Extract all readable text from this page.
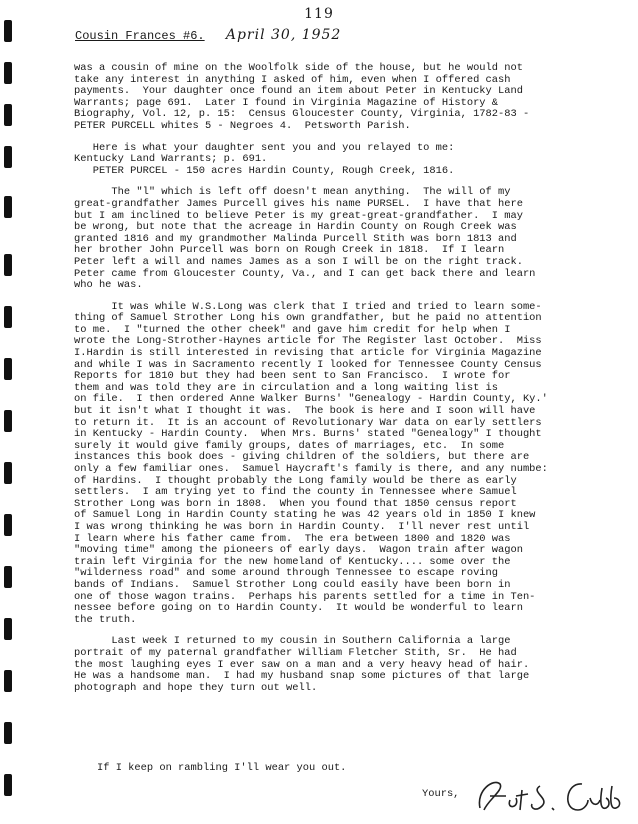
119
Cousin Frances #6. April 30, 1952
was a cousin of mine on the Woolfolk side of the house, but he would not
take any interest in anything I asked of him, even when I offered cash
payments.  Your daughter once found an item about Peter in Kentucky Land
Warrants; page 691.  Later I found in Virginia Magazine of History &
Biography, Vol. 12, p. 15:  Census Gloucester County, Virginia, 1782-83 -
PETER PURCELL whites 5 - Negroes 4.  Petsworth Parish.
Here is what your daughter sent you and you relayed to me:
Kentucky Land Warrants; p. 691.
PETER PURCEL - 150 acres Hardin County, Rough Creek, 1816.
The "l" which is left off doesn't mean anything.  The will of my
great-grandfather James Purcell gives his name PURSEL.  I have that here
but I am inclined to believe Peter is my great-great-grandfather.  I may
be wrong, but note that the acreage in Hardin County on Rough Creek was
granted 1816 and my grandmother Malinda Purcell Stith was born 1813 and
her brother John Purcell was born on Rough Creek in 1818.  If I learn
Peter left a will and names James as a son I will be on the right track.
Peter came from Gloucester County, Va., and I can get back there and learn
who he was.
It was while W.S.Long was clerk that I tried and tried to learn some-
thing of Samuel Strother Long his own grandfather, but he paid no attention
to me.  I "turned the other cheek" and gave him credit for help when I
wrote the Long-Strother-Haynes article for The Register last October.  Miss
I.Hardin is still interested in revising that article for Virginia Magazine
and while I was in Sacramento recently I looked for Tennessee County Census
Reports for 1810 but they had been sent to San Francisco.  I wrote for
them and was told they are in circulation and a long waiting list is
on file.  I then ordered Anne Walker Burns' "Genealogy - Hardin County, Ky.'
but it isn't what I thought it was.  The book is here and I soon will have
to return it.  It is an account of Revolutionary War data on early settlers
in Kentucky - Hardin County.  When Mrs. Burns' stated "Genealogy" I thought
surely it would give family groups, dates of marriages, etc.  In some
instances this book does - giving children of the soldiers, but there are
only a few familiar ones.  Samuel Haycraft's family is there, and any numbe:
of Hardins.  I thought probably the Long family would be there as early
settlers.  I am trying yet to find the county in Tennessee where Samuel
Strother Long was born in 1808.  When you found that 1850 census report
of Samuel Long in Hardin County stating he was 42 years old in 1850 I knew
I was wrong thinking he was born in Hardin County.  I'll never rest until
I learn where his father came from.  The era between 1800 and 1820 was
"moving time" among the pioneers of early days.  Wagon train after wagon
train left Virginia for the new homeland of Kentucky.... some over the
"wilderness road" and some around through Tennessee to escape roving
bands of Indians.  Samuel Strother Long could easily have been born in
one of those wagon trains.  Perhaps his parents settled for a time in Ten-
nessee before going on to Hardin County.  It would be wonderful to learn
the truth.
Last week I returned to my cousin in Southern California a large
portrait of my paternal grandfather William Fletcher Stith, Sr.  He had
the most laughing eyes I ever saw on a man and a very heavy head of hair.
He was a handsome man.  I had my husband snap some pictures of that large
photograph and hope they turn out well.
If I keep on rambling I'll wear you out.
Yours,
